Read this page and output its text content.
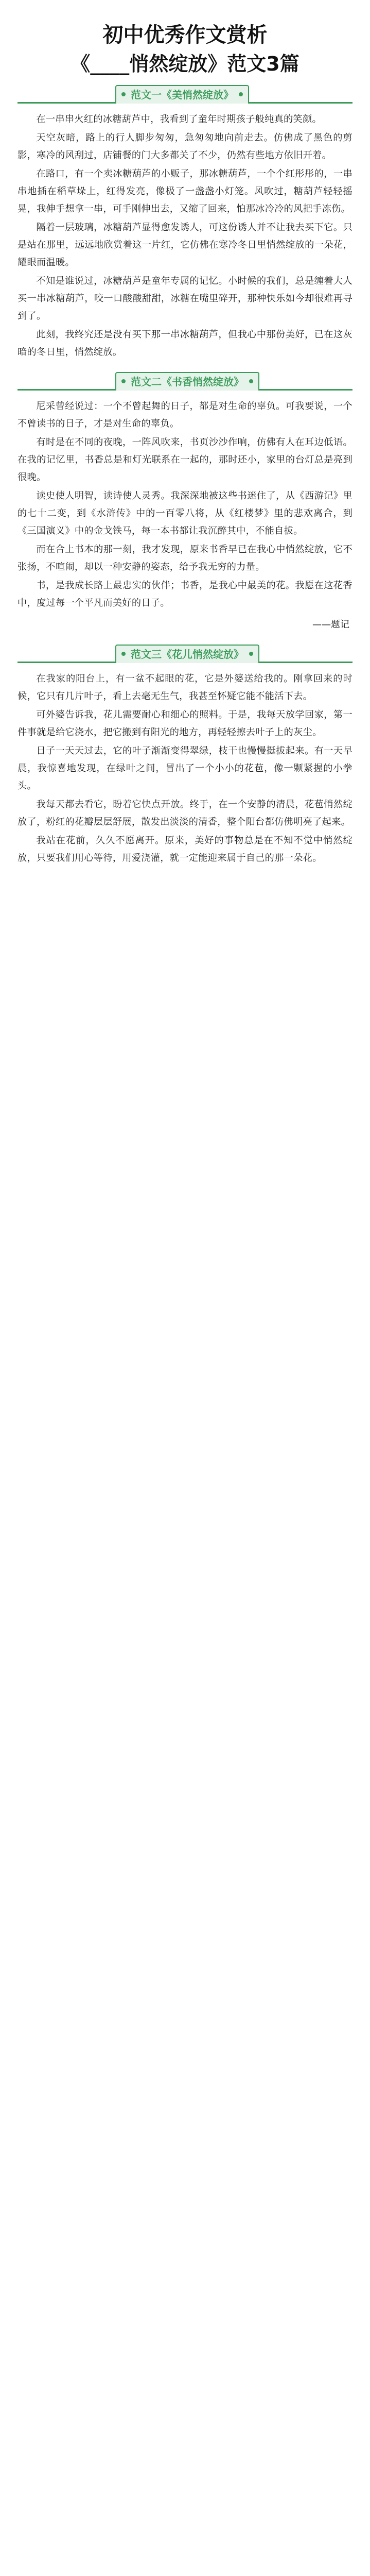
初中优秀作文赏析
《____悄然绽放》范文3篇
范文一《美悄然绽放》

在一串串火红的冰糖葫芦中，我看到了童年时期孩子般纯真的笑颜。

天空灰暗，路上的行人脚步匆匆，急匆匆地向前走去。仿佛成了黑色的剪影，寒冷的风刮过，店铺餐的门大多都关了不少，仍然有些地方依旧开着。

在路口，有一个卖冰糖葫芦的小贩子，那冰糖葫芦，一个个红彤彤的，一串串地插在稻草垛上，红得发亮，像极了一盏盏小灯笼。风吹过，糖葫芦轻轻摇晃，我伸手想拿一串，可手刚伸出去，又缩了回来，怕那冰冷冷的风把手冻伤。

隔着一层玻璃，冰糖葫芦显得愈发诱人，可这份诱人并不让我去买下它。只是站在那里，远远地欣赏着这一片红，它仿佛在寒冷冬日里悄然绽放的一朵花，耀眼而温暖。

不知是谁说过，冰糖葫芦是童年专属的记忆。小时候的我们，总是缠着大人买一串冰糖葫芦，咬一口酸酸甜甜，冰糖在嘴里碎开，那种快乐如今却很难再寻到了。

此刻，我终究还是没有买下那一串冰糖葫芦，但我心中那份美好，已在这灰暗的冬日里，悄然绽放。

范文二《书香悄然绽放》

尼采曾经说过：一个不曾起舞的日子，都是对生命的辜负。可我要说，一个不曾读书的日子，才是对生命的辜负。

有时是在不同的夜晚，一阵风吹来，书页沙沙作响，仿佛有人在耳边低语。在我的记忆里，书香总是和灯光联系在一起的，那时还小，家里的台灯总是亮到很晚。

读史使人明智，读诗使人灵秀。我深深地被这些书迷住了，从《西游记》里的七十二变，到《水浒传》中的一百零八将，从《红楼梦》里的悲欢离合，到《三国演义》中的金戈铁马，每一本书都让我沉醉其中，不能自拔。

而在合上书本的那一刻，我才发现，原来书香早已在我心中悄然绽放，它不张扬，不喧闹，却以一种安静的姿态，给予我无穷的力量。

书，是我成长路上最忠实的伙伴；书香，是我心中最美的花。我愿在这花香中，度过每一个平凡而美好的日子。

——题记
范文三《花儿悄然绽放》

在我家的阳台上，有一盆不起眼的花，它是外婆送给我的。刚拿回来的时候，它只有几片叶子，看上去毫无生气，我甚至怀疑它能不能活下去。

可外婆告诉我，花儿需要耐心和细心的照料。于是，我每天放学回家，第一件事就是给它浇水，把它搬到有阳光的地方，再轻轻擦去叶子上的灰尘。

日子一天天过去，它的叶子渐渐变得翠绿，枝干也慢慢挺拔起来。有一天早晨，我惊喜地发现，在绿叶之间，冒出了一个小小的花苞，像一颗紧握的小拳头。

我每天都去看它，盼着它快点开放。终于，在一个安静的清晨，花苞悄然绽放了，粉红的花瓣层层舒展，散发出淡淡的清香，整个阳台都仿佛明亮了起来。

我站在花前，久久不愿离开。原来，美好的事物总是在不知不觉中悄然绽放，只要我们用心等待，用爱浇灌，就一定能迎来属于自己的那一朵花。
